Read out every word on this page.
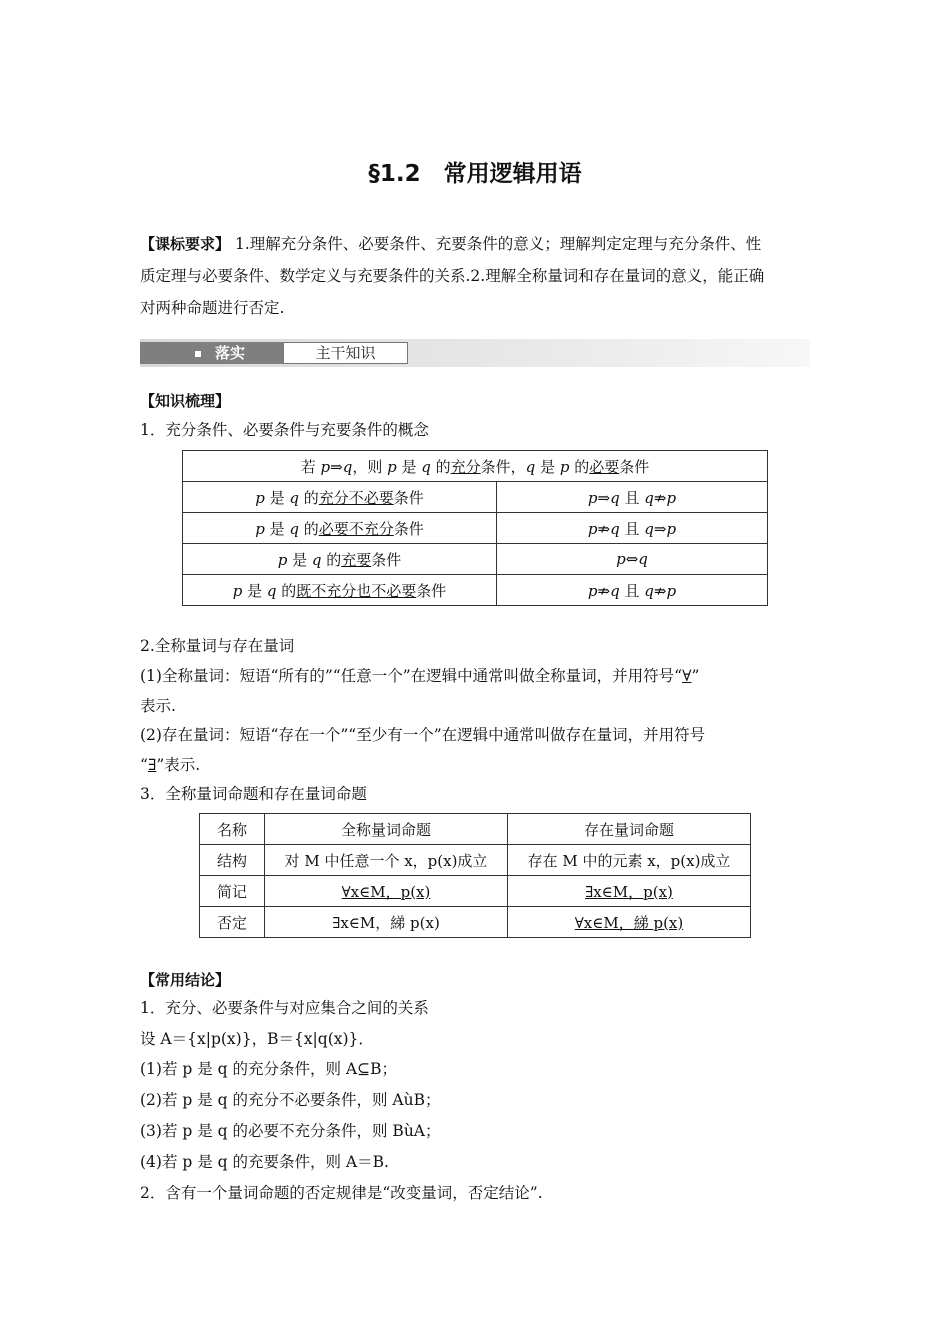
§1.2　常用逻辑用语
【课标要求】 1.理解充分条件、必要条件、充要条件的意义；理解判定定理与充分条件、性
质定理与必要条件、数学定义与充要条件的关系.2.理解全称量词和存在量词的意义，能正确
对两种命题进行否定.
落实	主干知识
【知识梳理】
1．充分条件、必要条件与充要条件的概念
若 p⇒q，则 p 是 q 的充分条件，q 是 p 的必要条件	
p 是 q 的充分不必要条件	p⇒q 且 q⇏p
p 是 q 的必要不充分条件	p⇏q 且 q⇒p
p 是 q 的充要条件	p⇔q
p 是 q 的既不充分也不必要条件	p⇏q 且 q⇏p
2.全称量词与存在量词
(1)全称量词：短语“所有的”“任意一个”在逻辑中通常叫做全称量词，并用符号“∀”
表示.
(2)存在量词：短语“存在一个”“至少有一个”在逻辑中通常叫做存在量词，并用符号
“∃”表示.
3．全称量词命题和存在量词命题
名称	全称量词命题	存在量词命题
结构	对 M 中任意一个 x，p(x)成立	存在 M 中的元素 x，p(x)成立
简记	∀x∈M，p(x)	∃x∈M，p(x)
否定	∃x∈M，綈 p(x)	∀x∈M，綈 p(x)
【常用结论】
1．充分、必要条件与对应集合之间的关系
设 A＝{x|p(x)}，B＝{x|q(x)}．
(1)若 p 是 q 的充分条件，则 A⊆B；
(2)若 p 是 q 的充分不必要条件，则 AùB；
(3)若 p 是 q 的必要不充分条件，则 BùA；
(4)若 p 是 q 的充要条件，则 A＝B.
2．含有一个量词命题的否定规律是“改变量词，否定结论”.
